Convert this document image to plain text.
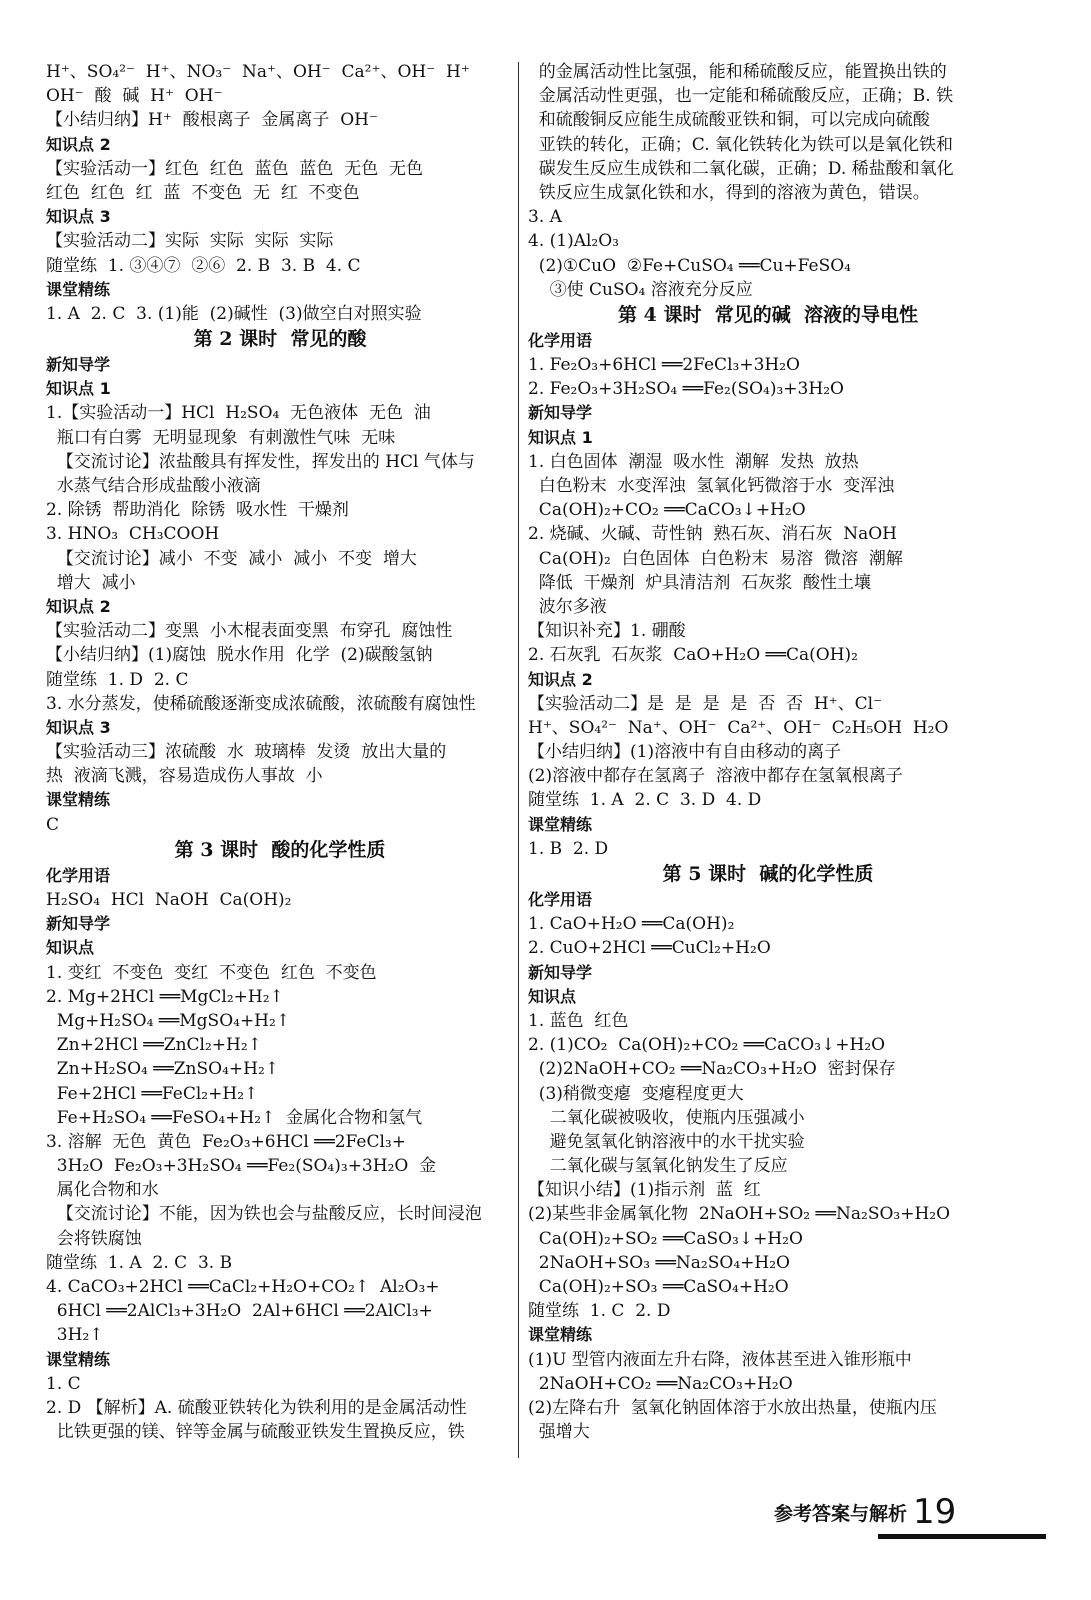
H⁺、SO₄²⁻  H⁺、NO₃⁻  Na⁺、OH⁻  Ca²⁺、OH⁻  H⁺
OH⁻  酸  碱  H⁺  OH⁻
【小结归纳】H⁺  酸根离子  金属离子  OH⁻
知识点 2
【实验活动一】红色  红色  蓝色  蓝色  无色  无色
红色  红色  红  蓝  不变色  无  红  不变色
知识点 3
【实验活动二】实际  实际  实际  实际
随堂练  1. ③④⑦  ②⑥  2. B  3. B  4. C
课堂精练
1. A  2. C  3. (1)能  (2)碱性  (3)做空白对照实验
第 2 课时  常见的酸
新知导学
知识点 1
1.【实验活动一】HCl  H₂SO₄  无色液体  无色  油
瓶口有白雾  无明显现象  有刺激性气味  无味
【交流讨论】浓盐酸具有挥发性，挥发出的 HCl 气体与
水蒸气结合形成盐酸小液滴
2. 除锈  帮助消化  除锈  吸水性  干燥剂
3. HNO₃  CH₃COOH
【交流讨论】减小  不变  减小  减小  不变  增大
增大  减小
知识点 2
【实验活动二】变黑  小木棍表面变黑  布穿孔  腐蚀性
【小结归纳】(1)腐蚀  脱水作用  化学  (2)碳酸氢钠
随堂练  1. D  2. C
3. 水分蒸发，使稀硫酸逐渐变成浓硫酸，浓硫酸有腐蚀性
知识点 3
【实验活动三】浓硫酸  水  玻璃棒  发烫  放出大量的
热  液滴飞溅，容易造成伤人事故  小
课堂精练
C
第 3 课时  酸的化学性质
化学用语
H₂SO₄  HCl  NaOH  Ca(OH)₂
新知导学
知识点
1. 变红  不变色  变红  不变色  红色  不变色
2. Mg+2HCl ══MgCl₂+H₂↑
Mg+H₂SO₄ ══MgSO₄+H₂↑
Zn+2HCl ══ZnCl₂+H₂↑
Zn+H₂SO₄ ══ZnSO₄+H₂↑
Fe+2HCl ══FeCl₂+H₂↑
Fe+H₂SO₄ ══FeSO₄+H₂↑  金属化合物和氢气
3. 溶解  无色  黄色  Fe₂O₃+6HCl ══2FeCl₃+
3H₂O  Fe₂O₃+3H₂SO₄ ══Fe₂(SO₄)₃+3H₂O  金
属化合物和水
【交流讨论】不能，因为铁也会与盐酸反应，长时间浸泡
会将铁腐蚀
随堂练  1. A  2. C  3. B
4. CaCO₃+2HCl ══CaCl₂+H₂O+CO₂↑  Al₂O₃+
6HCl ══2AlCl₃+3H₂O  2Al+6HCl ══2AlCl₃+
3H₂↑
课堂精练
1. C
2. D 【解析】A. 硫酸亚铁转化为铁利用的是金属活动性
比铁更强的镁、锌等金属与硫酸亚铁发生置换反应，铁
的金属活动性比氢强，能和稀硫酸反应，能置换出铁的
金属活动性更强，也一定能和稀硫酸反应，正确；B. 铁
和硫酸铜反应能生成硫酸亚铁和铜，可以完成向硫酸
亚铁的转化，正确；C. 氧化铁转化为铁可以是氧化铁和
碳发生反应生成铁和二氧化碳，正确；D. 稀盐酸和氧化
铁反应生成氯化铁和水，得到的溶液为黄色，错误。
3. A
4. (1)Al₂O₃
(2)①CuO  ②Fe+CuSO₄ ══Cu+FeSO₄
③使 CuSO₄ 溶液充分反应
第 4 课时  常见的碱  溶液的导电性
化学用语
1. Fe₂O₃+6HCl ══2FeCl₃+3H₂O
2. Fe₂O₃+3H₂SO₄ ══Fe₂(SO₄)₃+3H₂O
新知导学
知识点 1
1. 白色固体  潮湿  吸水性  潮解  发热  放热
白色粉末  水变浑浊  氢氧化钙微溶于水  变浑浊
Ca(OH)₂+CO₂ ══CaCO₃↓+H₂O
2. 烧碱、火碱、苛性钠  熟石灰、消石灰  NaOH
Ca(OH)₂  白色固体  白色粉末  易溶  微溶  潮解
降低  干燥剂  炉具清洁剂  石灰浆  酸性土壤
波尔多液
【知识补充】1. 硼酸
2. 石灰乳  石灰浆  CaO+H₂O ══Ca(OH)₂
知识点 2
【实验活动二】是  是  是  是  否  否  H⁺、Cl⁻
H⁺、SO₄²⁻  Na⁺、OH⁻  Ca²⁺、OH⁻  C₂H₅OH  H₂O
【小结归纳】(1)溶液中有自由移动的离子
(2)溶液中都存在氢离子  溶液中都存在氢氧根离子
随堂练  1. A  2. C  3. D  4. D
课堂精练
1. B  2. D
第 5 课时  碱的化学性质
化学用语
1. CaO+H₂O ══Ca(OH)₂
2. CuO+2HCl ══CuCl₂+H₂O
新知导学
知识点
1. 蓝色  红色
2. (1)CO₂  Ca(OH)₂+CO₂ ══CaCO₃↓+H₂O
(2)2NaOH+CO₂ ══Na₂CO₃+H₂O  密封保存
(3)稍微变瘪  变瘪程度更大
二氧化碳被吸收，使瓶内压强减小
避免氢氧化钠溶液中的水干扰实验
二氧化碳与氢氧化钠发生了反应
【知识小结】(1)指示剂  蓝  红
(2)某些非金属氧化物  2NaOH+SO₂ ══Na₂SO₃+H₂O
Ca(OH)₂+SO₂ ══CaSO₃↓+H₂O
2NaOH+SO₃ ══Na₂SO₄+H₂O
Ca(OH)₂+SO₃ ══CaSO₄+H₂O
随堂练  1. C  2. D
课堂精练
(1)U 型管内液面左升右降，液体甚至进入锥形瓶中
2NaOH+CO₂ ══Na₂CO₃+H₂O
(2)左降右升  氢氧化钠固体溶于水放出热量，使瓶内压
强增大
参考答案与解析 19
